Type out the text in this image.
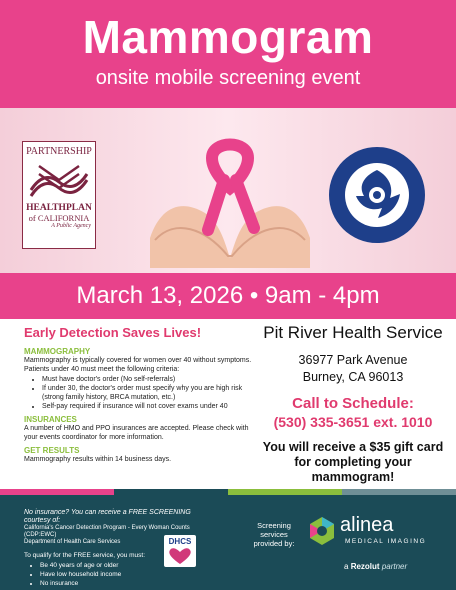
Mammogram
onsite mobile screening event
PARTNERSHIP
HEALTHPLAN
of CALIFORNIA
A Public Agency
March 13, 2026 • 9am - 4pm
Early Detection Saves Lives!
MAMMOGRAPHY
Mammography is typically covered for women over 40 without symptoms.
Patients under 40 must meet the following criteria:
• Must have doctor's order (No self-referrals)
• If under 30, the doctor's order must specify why you are high risk (strong family history, BRCA mutation, etc.)
• Self-pay required if insurance will not cover exams under 40
INSURANCES
A number of HMO and PPO insurances are accepted. Please check with your events coordinator for more information.
GET RESULTS
Mammography results within 14 business days.
Pit River Health Service
36977 Park Avenue
Burney, CA 96013
Call to Schedule:
(530) 335-3651 ext. 1010
You will receive a $35 gift card for completing your mammogram!
No insurance? You can receive a FREE SCREENING courtesy of:
California's Cancer Detection Program - Every Woman Counts (CDP:EWC)
Department of Health Care Services
To qualify for the FREE service, you must:
• Be 40 years of age or older
• Have low household income
• No insurance
DHCS
Screening services provided by:
alinea
MEDICAL IMAGING
a Rezolut partner
